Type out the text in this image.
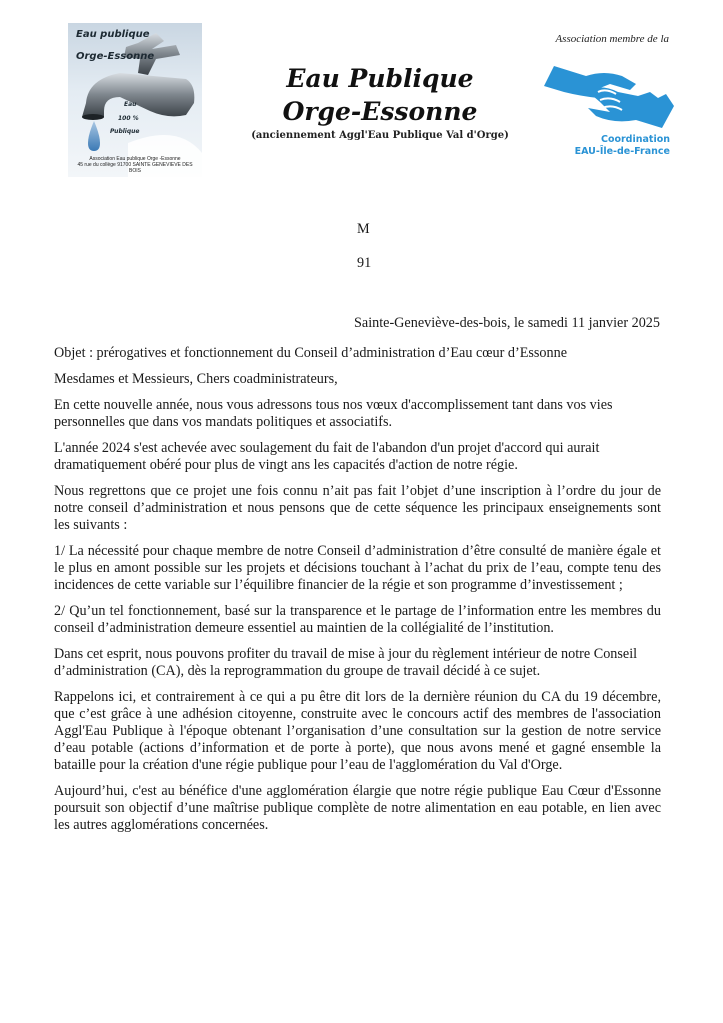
Eau publique
Orge-Essonne
Eau
100 %
Publique
Association Eau publique Orge -Essonne
45 rue du collège 91700 SAINTE GENEVIEVE DES BOIS
Eau Publique
Orge-Essonne
(anciennement Aggl'Eau Publique Val d'Orge)
Association membre de la
Coordination
EAU-Île-de-France
M
91
Sainte-Geneviève-des-bois, le samedi 11 janvier 2025

Objet : prérogatives et fonctionnement du Conseil d’administration d’Eau cœur d’Essonne

Mesdames et Messieurs, Chers coadministrateurs,

En cette nouvelle année, nous vous adressons tous nos vœux d'accomplissement tant dans vos vies personnelles que dans vos mandats politiques et associatifs.

L'année 2024 s'est achevée avec soulagement du fait de l'abandon d'un projet d'accord qui aurait dramatiquement obéré pour plus de vingt ans les capacités d'action de notre régie.

Nous regrettons que ce projet une fois connu n’ait pas fait l’objet d’une inscription à l’ordre du jour de notre conseil d’administration et nous pensons que de cette séquence les principaux enseignements sont les suivants :

1/ La nécessité pour chaque membre de notre Conseil d’administration d’être consulté de manière égale et le plus en amont possible sur les projets et décisions touchant à l’achat du prix de l’eau, compte tenu des incidences de cette variable sur l’équilibre financier de la régie et son programme d’investissement ;

2/ Qu’un tel fonctionnement, basé sur la transparence et le partage de l’information entre les membres du conseil d’administration demeure essentiel au maintien de la collégialité de l’institution.

Dans cet esprit, nous pouvons profiter du travail de mise à jour du règlement intérieur de notre Conseil d’administration (CA), dès la reprogrammation du groupe de travail décidé à ce sujet.

Rappelons ici, et contrairement à ce qui a pu être dit lors de la dernière réunion du CA du 19 décembre, que c’est grâce à une adhésion citoyenne, construite avec le concours actif des membres de l'association Aggl'Eau Publique à l'époque obtenant l’organisation d’une consultation sur la gestion de notre service d’eau potable (actions d’information et de porte à porte), que nous avons mené et gagné ensemble la bataille pour la création d'une régie publique pour l’eau de l'agglomération du Val d'Orge.

Aujourd’hui, c'est au bénéfice d'une agglomération élargie que notre régie publique Eau Cœur d'Essonne poursuit son objectif d’une maîtrise publique complète de notre alimentation en eau potable, en lien avec les autres agglomérations concernées.
